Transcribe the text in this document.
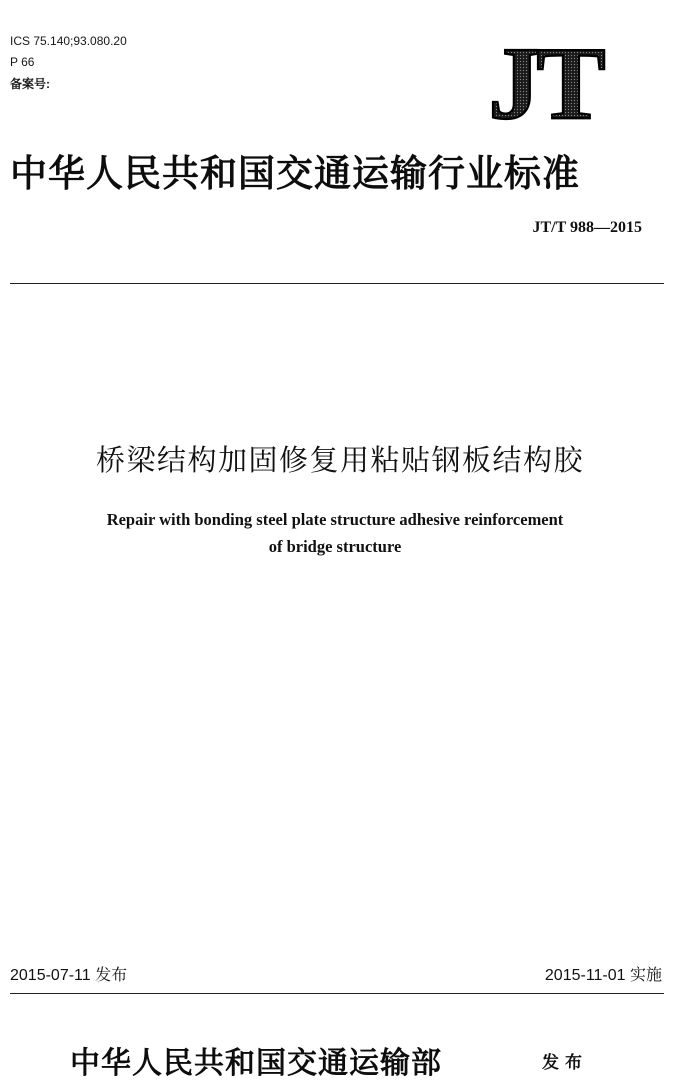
ICS 75.140;93.080.20
P 66
备案号:	JT
中华人民共和国交通运输行业标准
JT/T 988—2015
桥梁结构加固修复用粘贴钢板结构胶
Repair with bonding steel plate structure adhesive reinforcement
of bridge structure
2015-07-11 发布	2015-11-01 实施
中华人民共和国交通运输部	发布
